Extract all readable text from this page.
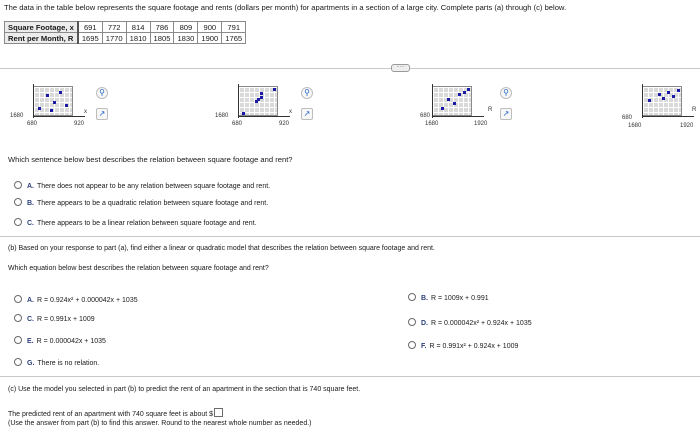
The data in the table below represents the square footage and rents (dollars per month) for apartments in a section of a large city. Complete parts (a) through (c) below.
Square Footage, x	691	772	814	786	809	900	791
Rent per Month, R	1695	1770	1810	1805	1830	1900	1765
·····
1680
680	920
x
⚲
↗	1680
680	920
x
⚲
↗	680
1680	1920
R
⚲
↗	680
1680	1920
R
Which sentence below best describes the relation between square footage and rent?
A. There does not appear to be any relation between square footage and rent.
B. There appears to be a quadratic relation between square footage and rent.
C. There appears to be a linear relation between square footage and rent.
(b) Based on your response to part (a), find either a linear or quadratic model that describes the relation between square footage and rent.
Which equation below best describes the relation between square footage and rent?
A. R = 0.924x² + 0.000042x + 1035	B. R = 1009x + 0.991
C. R = 0.991x + 1009
D. R = 0.000042x² + 0.924x + 1035
E. R = 0.000042x + 1035
F. R = 0.991x² + 0.924x + 1009
G. There is no relation.
(c) Use the model you selected in part (b) to predict the rent of an apartment in the section that is 740 square feet.
The predicted rent of an apartment with 740 square feet is about $
(Use the answer from part (b) to find this answer. Round to the nearest whole number as needed.)
